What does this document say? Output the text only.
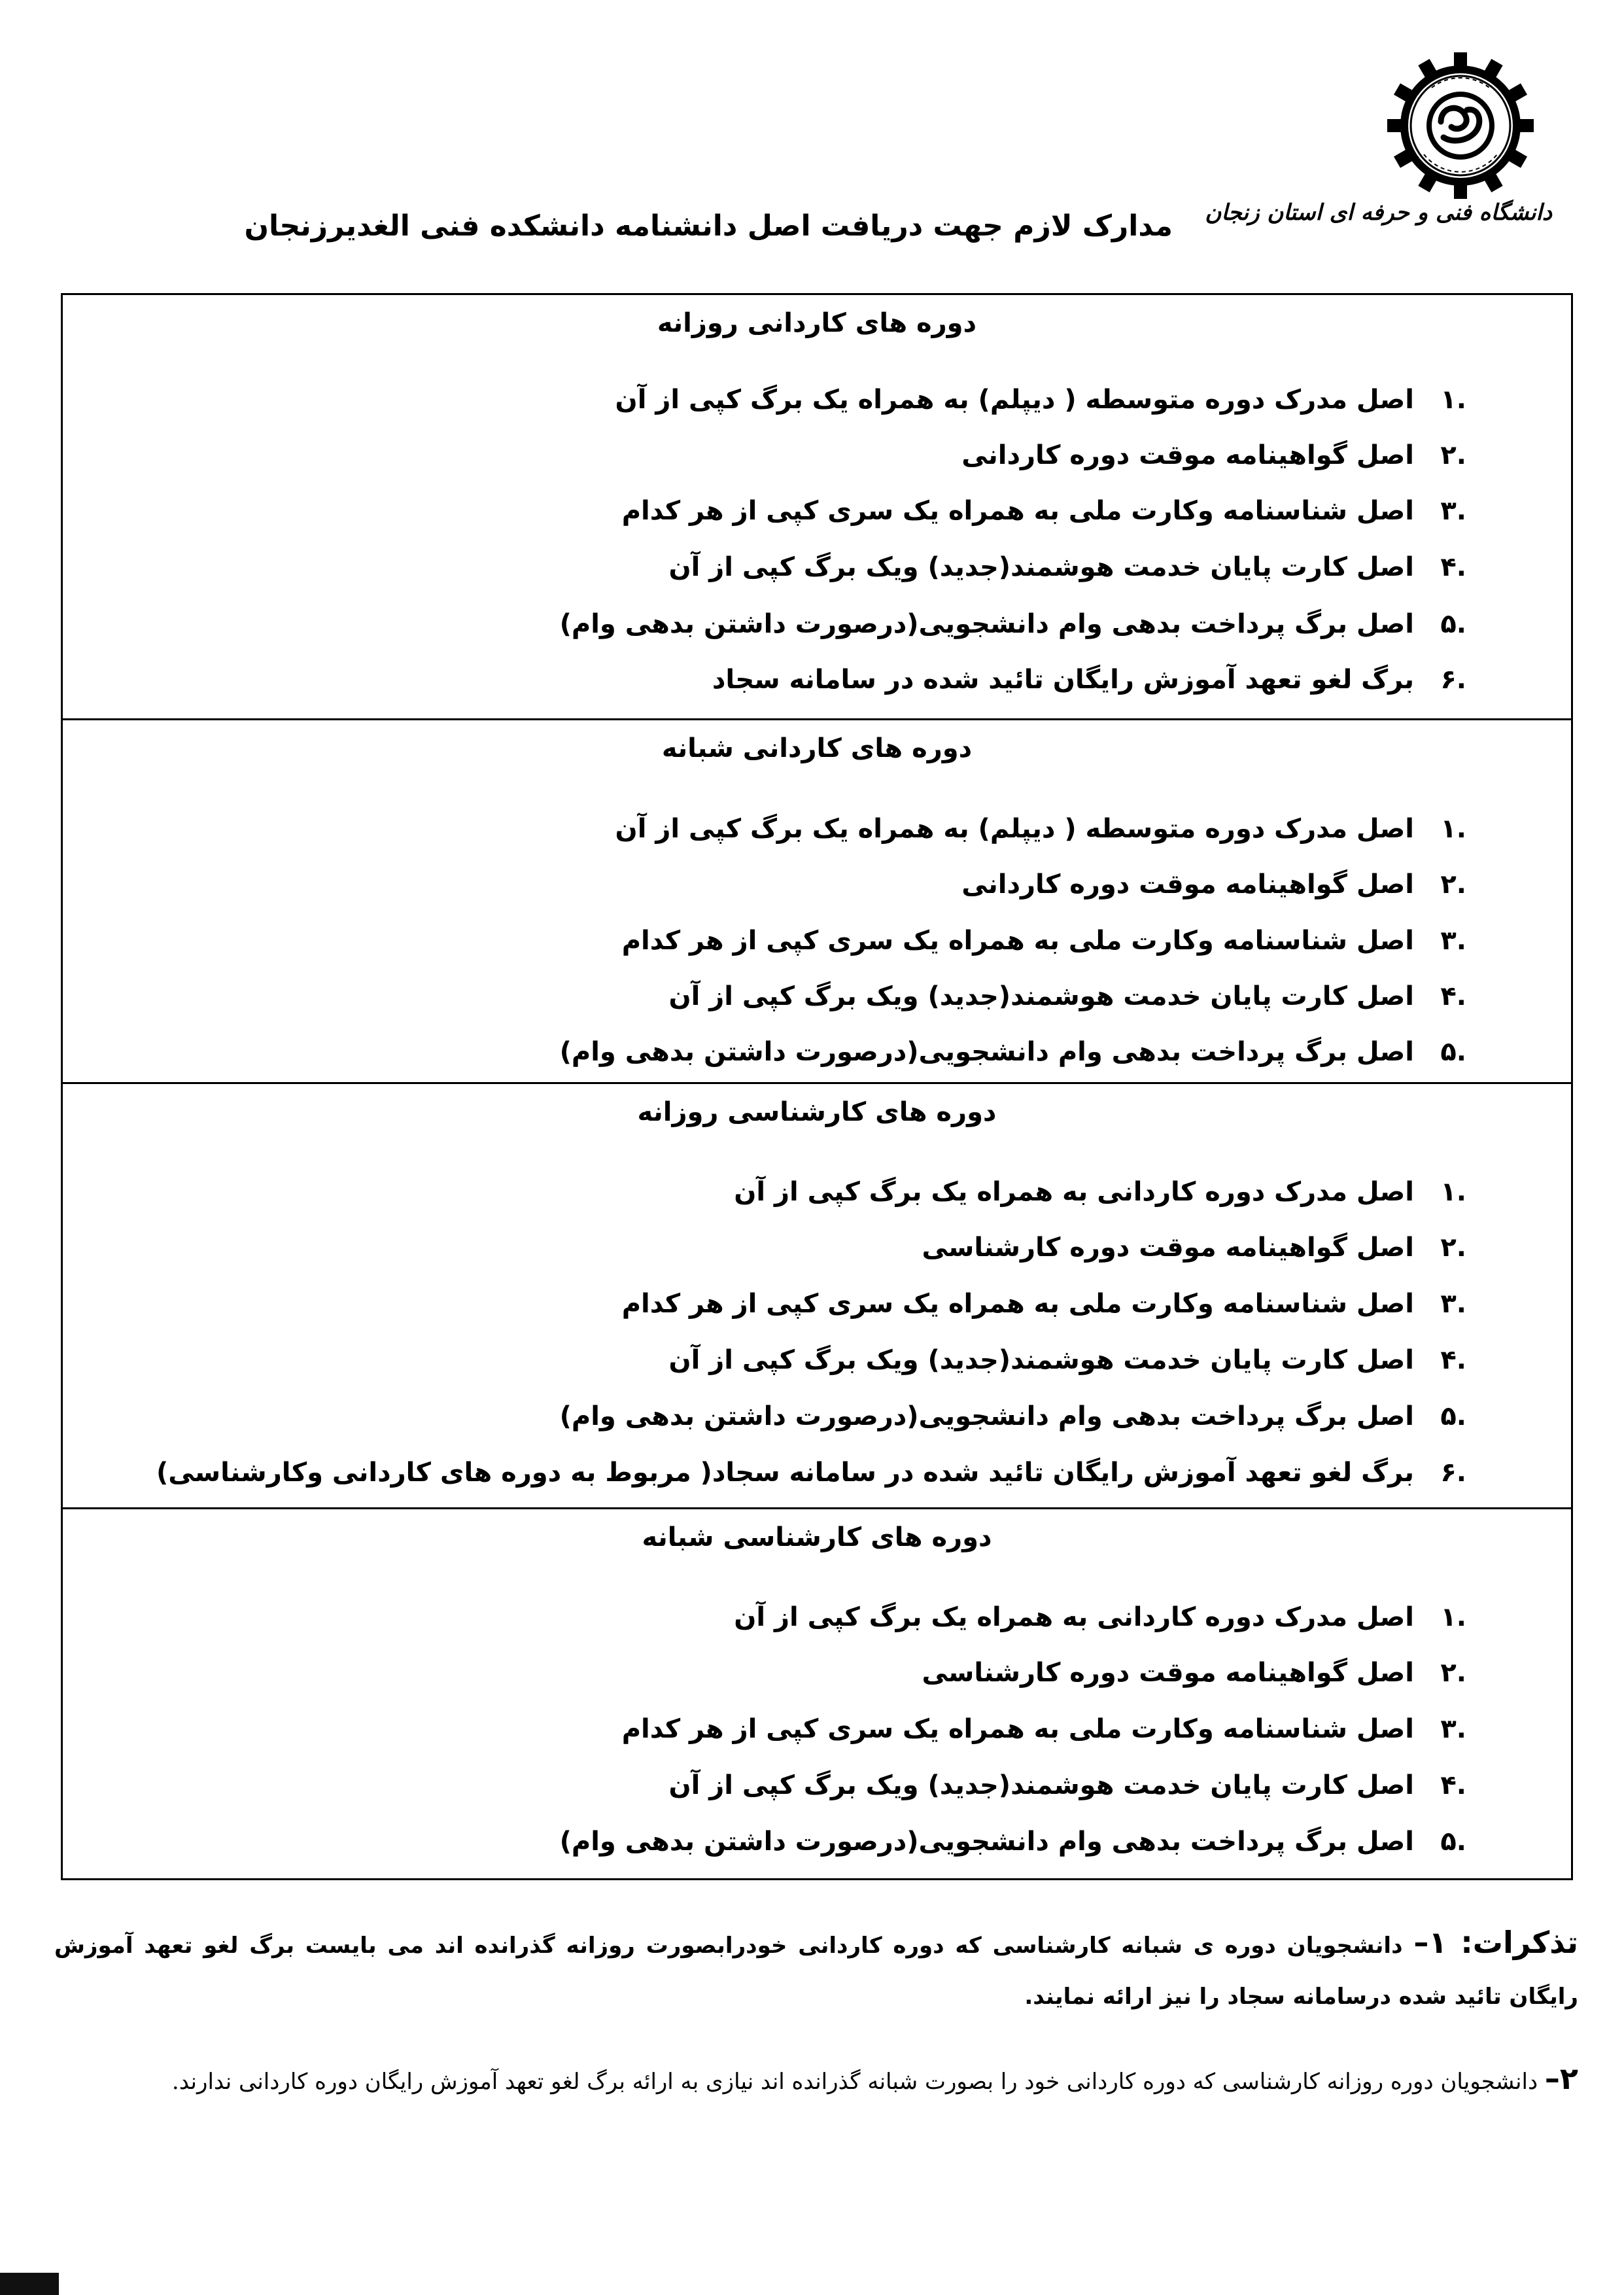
دانشگاه فنی و حرفه ای استان زنجان
مدارک لازم جهت دریافت اصل دانشنامه دانشکده فنی الغدیرزنجان
دوره های کاردانی روزانه
.۱
اصل مدرک دوره متوسطه ( دیپلم) به همراه یک برگ کپی از آن
.۲
اصل گواهینامه موقت دوره کاردانی
.۳
اصل شناسنامه وکارت ملی به همراه یک سری کپی از هر کدام
.۴
اصل کارت پایان خدمت هوشمند(جدید) ویک برگ کپی از آن
.۵
اصل برگ پرداخت بدهی وام دانشجویی(درصورت داشتن بدهی وام)
.۶
برگ لغو تعهد آموزش رایگان تائید شده در سامانه سجاد
دوره های کاردانی شبانه
.۱
اصل مدرک دوره متوسطه ( دیپلم) به همراه یک برگ کپی از آن
.۲
اصل گواهینامه موقت دوره کاردانی
.۳
اصل شناسنامه وکارت ملی به همراه یک سری کپی از هر کدام
.۴
اصل کارت پایان خدمت هوشمند(جدید) ویک برگ کپی از آن
.۵
اصل برگ پرداخت بدهی وام دانشجویی(درصورت داشتن بدهی وام)
دوره های کارشناسی روزانه
.۱
اصل مدرک دوره کاردانی به همراه یک برگ کپی از آن
.۲
اصل گواهینامه موقت دوره کارشناسی
.۳
اصل شناسنامه وکارت ملی به همراه یک سری کپی از هر کدام
.۴
اصل کارت پایان خدمت هوشمند(جدید) ویک برگ کپی از آن
.۵
اصل برگ پرداخت بدهی وام دانشجویی(درصورت داشتن بدهی وام)
.۶
برگ لغو تعهد آموزش رایگان تائید شده در سامانه سجاد( مربوط به دوره های کاردانی وکارشناسی)
دوره های کارشناسی شبانه
.۱
اصل مدرک دوره کاردانی به همراه یک برگ کپی از آن
.۲
اصل گواهینامه موقت دوره کارشناسی
.۳
اصل شناسنامه وکارت ملی به همراه یک سری کپی از هر کدام
.۴
اصل کارت پایان خدمت هوشمند(جدید) ویک برگ کپی از آن
.۵
اصل برگ پرداخت بدهی وام دانشجویی(درصورت داشتن بدهی وام)
تذکرات: ۱– دانشجویان دوره ی شبانه کارشناسی که دوره کاردانی خودرابصورت روزانه گذرانده اند می بایست برگ لغو تعهد آموزش رایگان تائید شده درسامانه سجاد را نیز ارائه نمایند.
۲– دانشجویان دوره روزانه کارشناسی که دوره کاردانی خود را بصورت شبانه گذرانده اند نیازی به ارائه برگ لغو تعهد آموزش رایگان دوره کاردانی ندارند.
